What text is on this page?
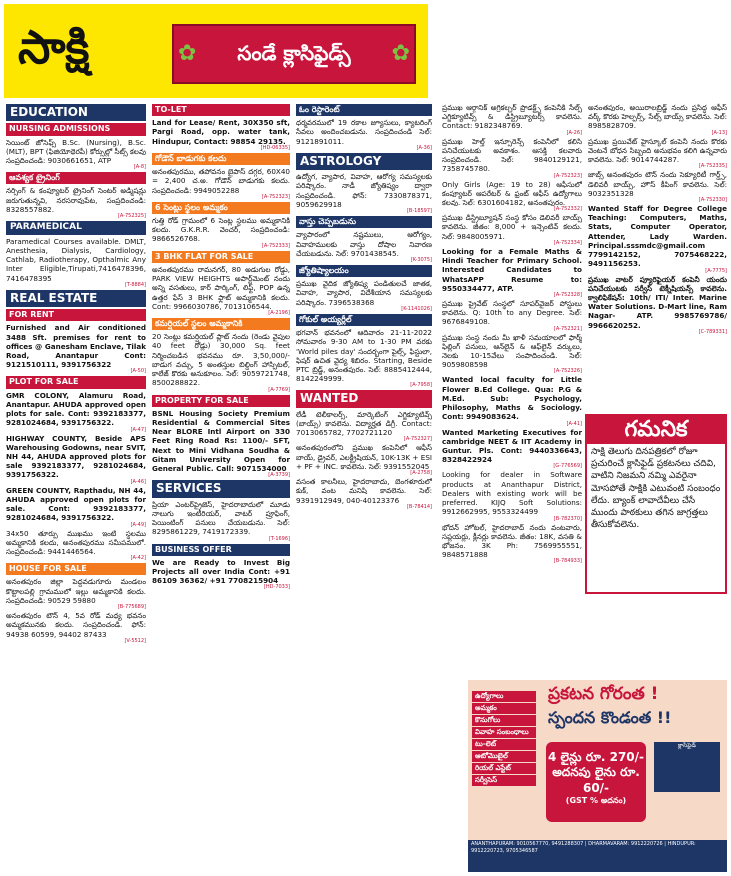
సాక్షి	✿ సండే క్లాసిఫైడ్స్ ✿
EDUCATION
NURSING ADMISSIONS

సెయింట్ జోసెఫ్స్ B.Sc. (Nursing), B.Sc. (MLT), BPT (ఫిజియోథెరపీ) కోర్సుల్లో సీట్స్ కలవు సంప్రదించండి: 9030661651, ATP

[A-8]
ఆవశ్యక ట్రైనింగ్

నర్సింగ్ & కంప్యూటర్ ట్రైనింగ్ సెంటర్ అడ్మిషన్లు జరుగుతున్నవి, నరసరావుపేట, సంప్రదించండి: 8328557882.

[A-752325]
PARAMEDICAL

Paramedical Courses available. DMLT, Anesthesia, Dialysis, Cardiology, Cathlab, Radiotherapy, Opthalmic Any Inter Eligible,Tirupati,7416478396, 7416478395

[T-8884]
REAL ESTATE
FOR RENT

Furnished and Air conditioned 3488 Sft. premises for rent to offices @ Ganesham Enclave, Tilak Road, Anantapur Cont: 9121510111, 9391756322

[A-50]
PLOT FOR SALE

GMR COLONY, Alamuru Road, Anantapur. AHUDA approved open plots for sale. Cont: 9392183377, 9281024684, 9391756322.

[A-47]

HIGHWAY COUNTY, Beside APS Warehousing Godowns, near SVIT, NH 44, AHUDA approved plots for sale 9392183377, 9281024684, 9391756322.

[A-46]

GREEN COUNTY, Rapthadu, NH 44, AHUDA approved open plots for sale. Cont: 9392183377, 9281024684, 9391756322.

[A-49]

34x50 తూర్పు ముఖము ఇంటి స్థలము అమ్మకానికి కలదు, అనంతపురము సమీపములో. సంప్రదించండి: 9441446564.

[A-42]
HOUSE FOR SALE

అనంతపురం జిల్లా పెద్దవడుగూరు మండలం కొట్టాలపల్లి గ్రామములో ఇల్లు అమ్మకానికి కలదు. సంప్రదించండి: 90529 59880

[B-775689]

అనంతపురం టౌన్ 4, 5వ రోడ్ మధ్య భవనం అమ్మకమునకు కలదు. సంప్రదించండి. ఫోన్: 94938 60599, 94402 87433

[V-5512]
TO-LET

Land for Lease/ Rent, 30X350 sft, Pargi Road, opp. water tank, Hindupur, Contact: 98854 29135.

[HD-06335]
గోడౌన్ బాడుగకు కలదు

అనంతపురము, తపోవనం బైపాస్ దగ్గర, 60X40 = 2,400 చ.అ. గోడౌన్ బాడుగకు కలదు. సంప్రదించండి: 9949052288

[A-752323]
6 సెంట్లు స్థలం అమ్మకం

గుత్తి రోడ్ గ్రామంలో 6 సెంట్ల స్థలము అమ్మకానికి కలదు. G.K.R.R. వెంచర్, సంప్రదించండి: 9866526768.

[A-752333]
3 BHK FLAT FOR SALE

అనంతపురము రామనగర్, 80 అడుగుల రోడ్డు, PARK VIEW HEIGHTS అపార్ట్‌మెంట్ నందు అన్ని వసతులు, కార్ పార్కింగ్, లిఫ్ట్, POP ఉన్న ఉత్తర ఫేస్ 3 BHK ఫ్లాట్ అమ్మకానికి కలదు. Cont: 9966030786, 7013106544.

[A-2196]
కమర్షియల్ స్థలం అమ్మకానికి

20 సెంట్లు కమర్షియల్ ప్లాట్ నందు (రెండు వైపుల 40 feet రోడ్లు) 30,000 Sq. feet నిర్మించబడిన భవనము రూ. 3,50,000/- బాడుగ వచ్చు, 5 అంతస్తుల బిల్డింగ్ హాస్పిటల్, కాలేజ్ కొరకు అనుకూలం. సెల్: 9059721748, 8500288822.

[A-7769]
PROPERTY FOR SALE

BSNL Housing Society Premium Residential & Commercial Sites Near BLORE Intl Airport on 330 Feet Ring Road Rs: 1100/- SFT, Next to Mini Vidhana Soudha & Gitam University Open for General Public. Call: 9071534000

[A-3739]
SERVICES

ప్రియా ఎంటర్‌ప్రైజెస్, హైదరాబాదులో మూడు నాలుగు ఇంటీరియర్, వాటర్ ప్రూఫింగ్, పెయింటింగ్ పనులు చేయబడును. సెల్: 8295861229, 7419172339.

[T-1696]
BUSINESS OFFER

We are Ready to Invest Big Projects all over India Cont: +91 86109 36362/ +91 7708215904

[HD-7033]
ఓం రెస్టారెంట్

ధర్మవరములో 19 రకాల జ్యూసులు, క్యాటరింగ్ సేవలు అందించబడును. సంప్రదించండి సెల్: 9121891011.

[A-36]
ASTROLOGY

ఉద్యోగ, వ్యాపార, వివాహ, ఆరోగ్య సమస్యలకు పరిష్కారం. నాడీ జ్యోతిష్యం ద్వారా సంప్రదించండి. ఫోన్: 7330878371, 9059629918

[B-18597]
వాస్తు చెప్పబడును

వ్యాపారంలో నష్టములు, ఆరోగ్యం, వివాహములకు వాస్తు దోషాల నివారణ చేయబడును. సెల్: 9701438545.

[K-3075]
జ్యోతిష్యాలయం

ప్రముఖ వైదిక జ్యోతిష్య పండితులచే జాతక, వివాహ, వ్యాపార, విదేశీయాన సమస్యలకు పరిష్కారం. 7396538368

[K-1141026]
గోకుల్ అయ్యర్లీల్

భగవాన్ భవనంలో ఆదివారం 21-11-2022 సోమవారం 9-30 AM to 1-30 PM వరకు 'World piles day' సందర్భంగా పైల్స్, ఫిస్టులా, ఫిషర్ ఉచిత వైద్య శిబిరం. Starting, Beside PTC బ్రిడ్జ్, అనంతపురం. సెల్: 8885412444, 8142249999.

[A-7958]
WANTED

లేడీ టెలీకాలర్స్, మార్కెటింగ్ ఎగ్జిక్యూటివ్స్ (బాయ్స్) కావలెను. విద్యార్హత డిగ్రీ. Contact: 7013065782, 7702721120

[A-752327]

అనంతపురంలోని ప్రముఖ కంపెనీలో ఆఫీస్ బాయ్, డ్రైవర్, ఎలక్ట్రీషియన్, 10K-13K + ESI + PF + INC. కావలెను. సెల్: 9391552045

[A-2758]

వసంత కాలనీలు, హైదరాబాదు, బెంగళూరులో కుక్, వంట మనిషి కావలెను. సెల్: 9391912949, 040-40123376

[B-78414]

ప్రముఖ ఆర్గానిక్ అగ్రికల్చర్ ప్రొడక్ట్స్ కంపెనీకి సేల్స్ ఎగ్జిక్యూటివ్స్ & డిస్ట్రిబ్యూటర్స్ కావలెను. Contact: 9182348769.

[A-26]

ప్రముఖ హెల్త్ ఇన్సూరెన్స్ కంపెనీలో కలిసి పనిచేయుటకు అవకాశం. ఆసక్తి కలవారు సంప్రదించండి. సెల్: 9840129121, 7358745780.

[A-752323]

Only Girls (Age: 19 to 28) ఆఫీసులో కంప్యూటర్ ఆపరేటర్ & ఫ్రంట్ ఆఫీస్ ఉద్యోగాలు కలవు. సెల్: 6301604182, అనంతపురం.

[A-752332]

ప్రముఖ డిస్ట్రిబ్యూషన్ సంస్థ కోసం డెలివరీ బాయ్స్ కావలెను. జీతం: 8,000 + ఇన్సెంటివ్ కలదు. సెల్: 9848005971.

[A-752334]

Looking for a Female Maths & Hindi Teacher for Primary School. Interested Candidates to WhatsAPP Resume to: 9550334477, ATP.

[A-752328]

ప్రముఖ ప్రైవేట్ సంస్థలో సూపర్‌వైజర్ పోస్టులు కావలెను. Q: 10th to any Degree. సెల్: 9676849108.

[A-752321]

ప్రముఖ సంస్థ నందు మీ ఖాళీ సమయాలలో ఫార్మ్ ఫిల్లింగ్ పనులు, ఆన్‌లైన్ & ఆఫ్‌లైన్ వర్కులు, నెలకు 10-15వేలు సంపాదించండి. సెల్: 9059808598

[A-752326]

Wanted local faculty for Little Flower B.Ed College. Qua: P.G & M.Ed. Sub: Psychology, Philosophy, Maths & Sociology. Cont: 9949083624.

[A-41]

Wanted Marketing Executives for cambridge NEET & IIT Academy in Guntur. Pls. Cont: 9440336643, 8328422924

[G-776569]

Looking for dealer in Software products at Ananthapur District, Dealers with existing work will be preferred. KIJQ Soft Solutions: 9912662995, 9553324499

[B-782370]

భోదన్ హోటల్, హైదరాబాద్ నందు వంటవారు, సప్లయర్లు, క్లీనర్లు కావలెను. జీతం: 18K, వసతి & భోజనం. 3K Ph: 7569955551, 9848571888

[B-784933]

అనంతపురం, అయిరాలబ్రిడ్జ్ నందు ప్రసిద్ధ ఆఫీస్ వర్క్ కొరకు హెల్పర్స్, సేల్స్ బాయ్స్ కావలెను. సెల్: 8985828709.

[A-13]

ప్రముఖ ప్రయివేట్ హైస్కూల్ కంపెనీ నందు కొరకు వెంటనే బోధన సిబ్బంది అనుభవం కలిగి ఉన్నవారు కావలెను. సెల్: 9014744287.

[A-752335]

జాబ్స్ అనంతపురం టౌన్ నందు సెక్యూరిటీ గార్డ్స్, డెలివరీ బాయ్స్, హౌస్ కీపింగ్ కావలెను. సెల్: 9032351328

[A-752330]

Wanted Staff for Degree College Teaching: Computers, Maths, Stats, Computer Operator, Attender, Lady Warden. Principal.sssmdc@gmail.com 7799142152, 7075468222, 9491156253.

[A-7775]

ప్రముఖ వాటర్ ప్యూరిఫైయర్ కంపెనీ యందు పనిచేయుటకు సర్వీస్ టెక్నీషియన్స్ కావలెను. క్వాలిఫికేషన్: 10th/ ITI/ Inter. Marine Water Solutions. D-Mart line, Ram Nagar- ATP. 9985769786/ 9966620252.

[C-789331]
గమనిక
సాక్షి తెలుగు దినపత్రికలో రోజూ ప్రచురించే క్లాసిఫైడ్ ప్రకటనలు చదివి, వాటిని నిజమని నమ్మి ఎవరైనా మోసపోతే సాక్షికి ఎటువంటి సంబంధం లేదు. బ్యాంక్ లావాదేవీలు చేసే ముందు పాఠకులు తగిన జాగ్రత్తలు తీసుకోవలెను.
ఉద్యోగాలు
అమ్మకం
కొనుగోలు
వివాహ సంబంధాలు
టు-లెట్
ఆటోమొబైల్
రియల్ ఎస్టేట్
సర్వీసెస్
ప్రకటన గోరంత !
స్పందన కొండంత !!
4 లైన్లు రూ. 270/-
అదనపు లైను రూ. 60/-
(GST % అదనం)
క్లాసిఫైడ్
ANANTHAPURAM: 9010567770, 9491288307 | DHARMAVARAM: 9912220726 | HINDUPUR: 9912220723, 9705346587
